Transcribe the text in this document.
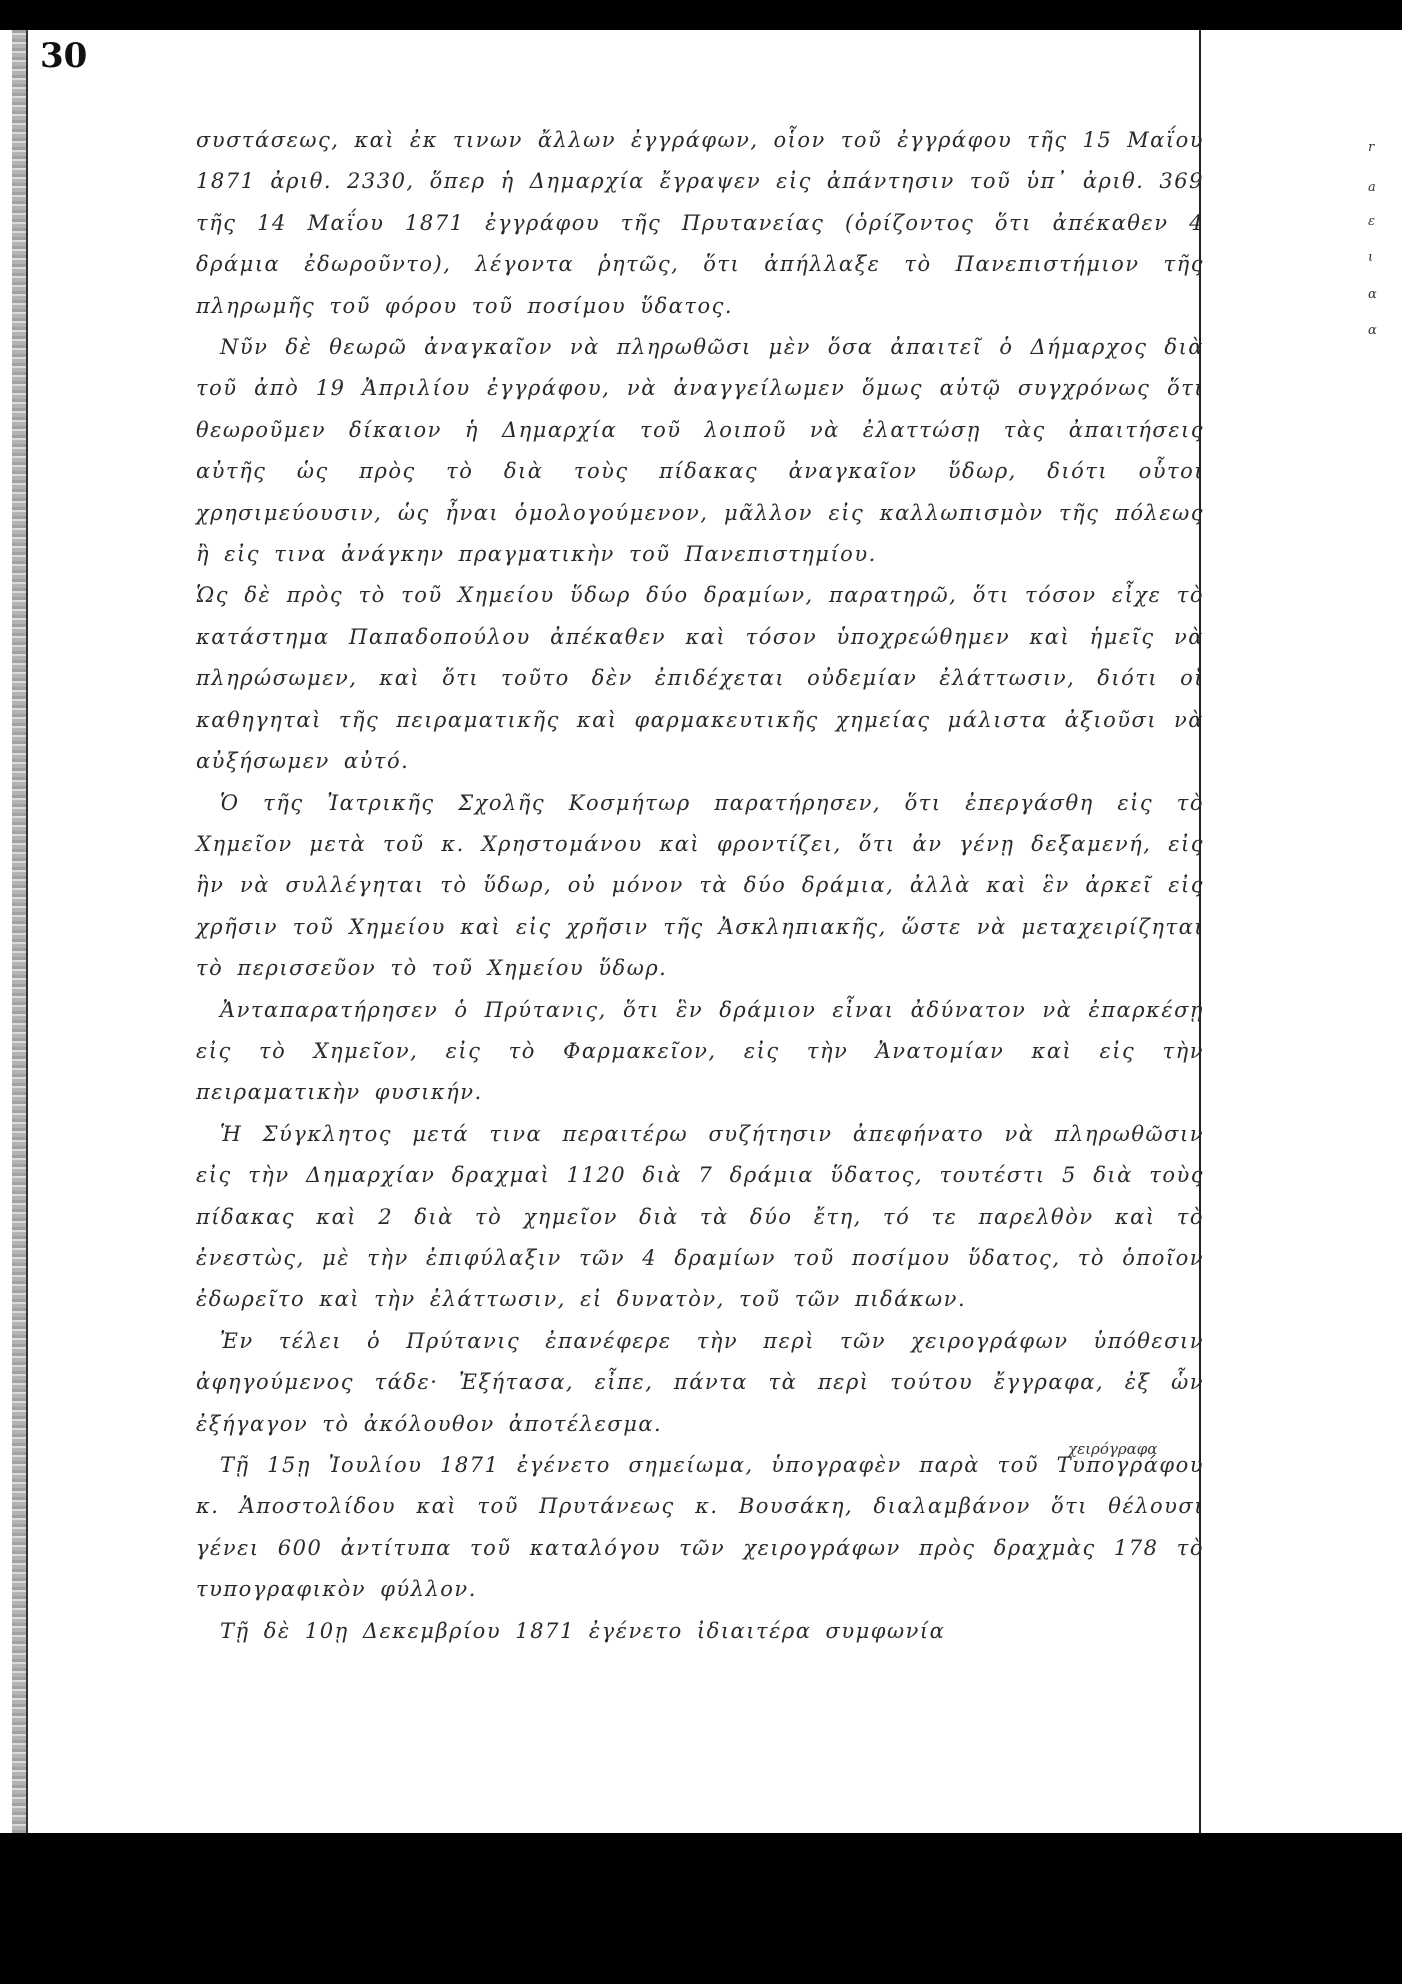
30
r
a
ε
ι
α
α

συστάσεως, καὶ ἐκ τινων ἄλλων ἐγγράφων, οἷον τοῦ ἐγγράφου τῆς 15 Μαΐου 1871 ἀριθ. 2330, ὅπερ ἡ Δημαρχία ἔγραψεν εἰς ἀπάντησιν τοῦ ὑπ᾽ ἀριθ. 369 τῆς 14 Μαΐου 1871 ἐγγράφου τῆς Πρυτανείας (ὁρίζοντος ὅτι ἀπέκαθεν 4 δράμια ἐδωροῦντο), λέγοντα ῥητῶς, ὅτι ἀπήλλαξε τὸ Πανεπιστήμιον τῆς πληρωμῆς τοῦ φόρου τοῦ ποσίμου ὕδατος.

Νῦν δὲ θεωρῶ ἀναγκαῖον νὰ πληρωθῶσι μὲν ὅσα ἀπαιτεῖ ὁ Δήμαρχος διὰ τοῦ ἀπὸ 19 Ἀπριλίου ἐγγράφου, νὰ ἀναγγείλωμεν ὅμως αὐτῷ συγχρόνως ὅτι θεωροῦμεν δίκαιον ἡ Δημαρχία τοῦ λοιποῦ νὰ ἐλαττώσῃ τὰς ἀπαιτήσεις αὐτῆς ὡς πρὸς τὸ διὰ τοὺς πίδακας ἀναγκαῖον ὕδωρ, διότι οὗτοι χρησιμεύουσιν, ὡς ἦναι ὁμολογούμενον, μᾶλλον εἰς καλλωπισμὸν τῆς πόλεως ἢ εἰς τινα ἀνάγκην πραγματικὴν τοῦ Πανεπιστημίου.

Ὡς δὲ πρὸς τὸ τοῦ Χημείου ὕδωρ δύο δραμίων, παρατηρῶ, ὅτι τόσον εἶχε τὸ κατάστημα Παπαδοπούλου ἀπέκαθεν καὶ τόσον ὑποχρεώθημεν καὶ ἡμεῖς νὰ πληρώσωμεν, καὶ ὅτι τοῦτο δὲν ἐπιδέχεται οὐδεμίαν ἐλάττωσιν, διότι οἱ καθηγηταὶ τῆς πειραματικῆς καὶ φαρμακευτικῆς χημείας μάλιστα ἀξιοῦσι νὰ αὐξήσωμεν αὐτό.

Ὁ τῆς Ἰατρικῆς Σχολῆς Κοσμήτωρ παρατήρησεν, ὅτι ἐπεργάσθη εἰς τὸ Χημεῖον μετὰ τοῦ κ. Χρηστομάνου καὶ φροντίζει, ὅτι ἀν γένῃ δεξαμενή, εἰς ἣν νὰ συλλέγηται τὸ ὕδωρ, οὐ μόνον τὰ δύο δράμια, ἀλλὰ καὶ ἓν ἀρκεῖ εἰς χρῆσιν τοῦ Χημείου καὶ εἰς χρῆσιν τῆς Ἀσκληπιακῆς, ὥστε νὰ μεταχειρίζηται τὸ περισσεῦον τὸ τοῦ Χημείου ὕδωρ.

Ἀνταπαρατήρησεν ὁ Πρύτανις, ὅτι ἓν δράμιον εἶναι ἀδύνατον νὰ ἐπαρκέσῃ εἰς τὸ Χημεῖον, εἰς τὸ Φαρμακεῖον, εἰς τὴν Ἀνατομίαν καὶ εἰς τὴν πειραματικὴν φυσικήν.

Ἡ Σύγκλητος μετά τινα περαιτέρω συζήτησιν ἀπεφήνατο νὰ πληρωθῶσιν εἰς τὴν Δημαρχίαν δραχμαὶ 1120 διὰ 7 δράμια ὕδατος, τουτέστι 5 διὰ τοὺς πίδακας καὶ 2 διὰ τὸ χημεῖον διὰ τὰ δύο ἔτη, τό τε παρελθὸν καὶ τὸ ἐνεστὼς, μὲ τὴν ἐπιφύλαξιν τῶν 4 δραμίων τοῦ ποσίμου ὕδατος, τὸ ὁποῖον ἐδωρεῖτο καὶ τὴν ἐλάττωσιν, εἰ δυνατὸν, τοῦ τῶν πιδάκων.

Ἐν τέλει ὁ Πρύτανις ἐπανέφερε τὴν περὶ τῶν χειρογράφων ὑπόθεσιν ἀφηγούμενος τάδε· Ἐξήτασα, εἶπε, πάντα τὰ περὶ τούτου ἔγγραφα, ἐξ ὧν ἐξήγαγον τὸ ἀκόλουθον ἀποτέλεσμα.

Τῇ 15ῃ Ἰουλίου 1871 ἐγένετο σημείωμα, ὑπογραφὲν παρὰ τοῦ Τυπογράφου κ. Ἀποστολίδου καὶ τοῦ Πρυτάνεως κ. Βουσάκη, διαλαμβάνον ὅτι θέλουσι γένει 600 ἀντίτυπα τοῦ καταλόγου τῶν χειρογράφων πρὸς δραχμὰς 178 τὸ τυπογραφικὸν φύλλον.

Τῇ δὲ 10ῃ Δεκεμβρίου 1871 ἐγένετο ἰδιαιτέρα συμφωνία

χειρόγραφα
